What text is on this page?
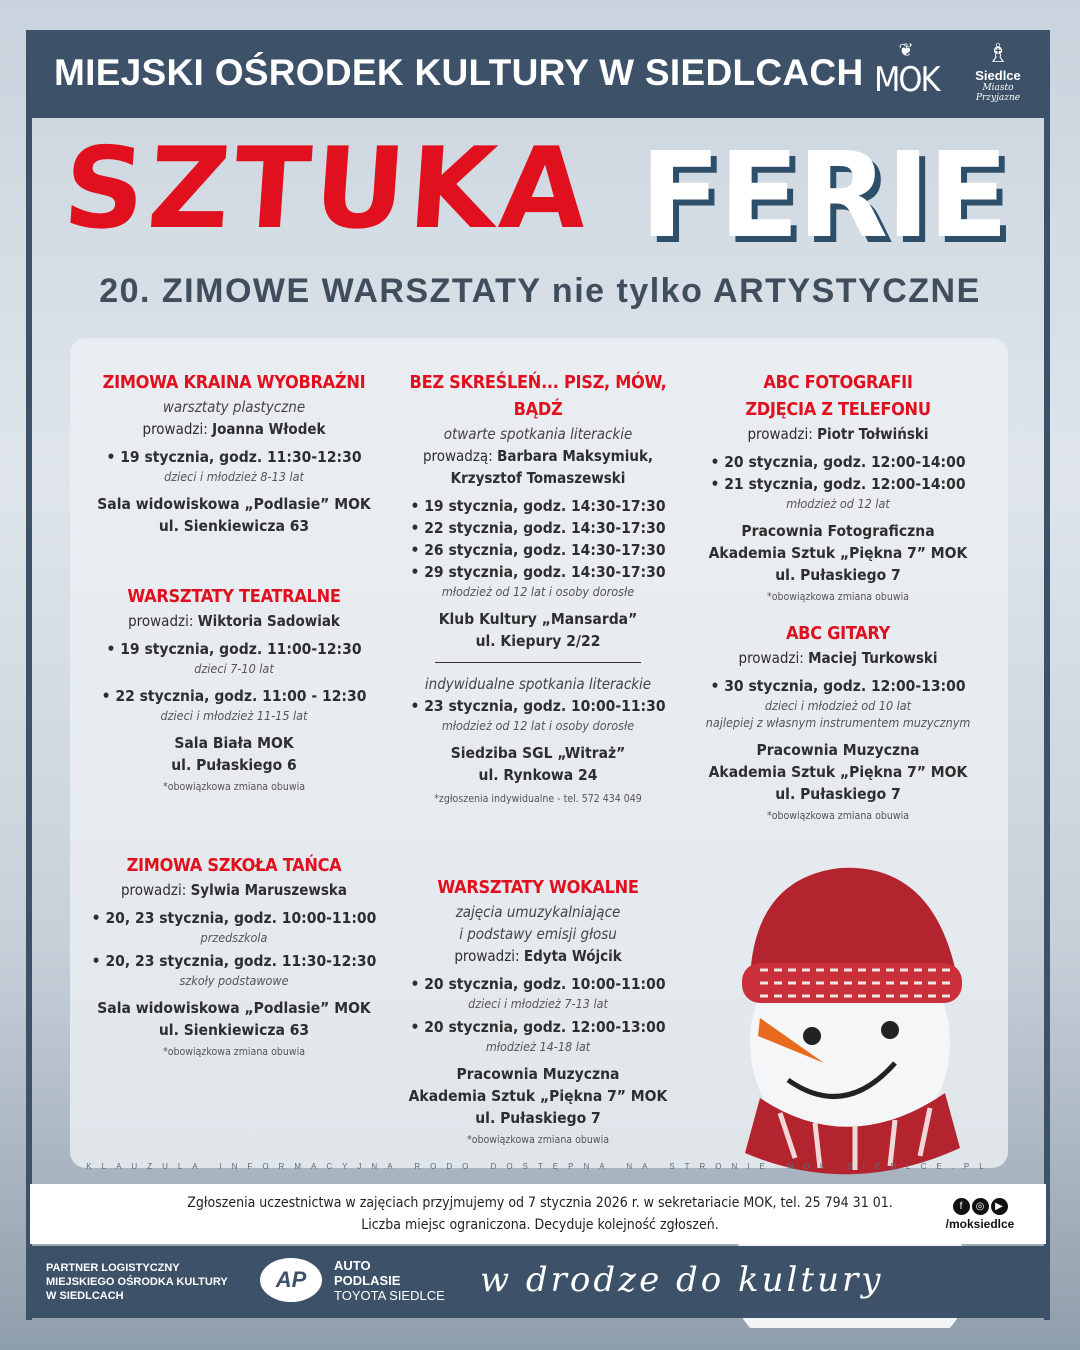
MIEJSKI OŚRODEK KULTURY W SIEDLCACH
❦
MOK
♗
Siedlce
Miasto Przyjazne
SZTUKA FERIE
20. ZIMOWE WARSZTATY nie tylko ARTYSTYCZNE
ZIMOWA KRAINA WYOBRAŹNI
warsztaty plastyczne
prowadzi: Joanna Włodek
• 19 stycznia, godz. 11:30-12:30
dzieci i młodzież 8-13 lat
Sala widowiskowa „Podlasie” MOK
ul. Sienkiewicza 63
WARSZTATY TEATRALNE
prowadzi: Wiktoria Sadowiak
• 19 stycznia, godz. 11:00-12:30
dzieci 7-10 lat
• 22 stycznia, godz. 11:00 - 12:30
dzieci i młodzież 11-15 lat
Sala Biała MOK
ul. Pułaskiego 6
*obowiązkowa zmiana obuwia
ZIMOWA SZKOŁA TAŃCA
prowadzi: Sylwia Maruszewska
• 20, 23 stycznia, godz. 10:00-11:00
przedszkola
• 20, 23 stycznia, godz. 11:30-12:30
szkoły podstawowe
Sala widowiskowa „Podlasie” MOK
ul. Sienkiewicza 63
*obowiązkowa zmiana obuwia
BEZ SKREŚLEŃ... PISZ, MÓW, BĄDŹ
otwarte spotkania literackie
prowadzą: Barbara Maksymiuk,
Krzysztof Tomaszewski
• 19 stycznia, godz. 14:30-17:30
• 22 stycznia, godz. 14:30-17:30
• 26 stycznia, godz. 14:30-17:30
• 29 stycznia, godz. 14:30-17:30
młodzież od 12 lat i osoby dorosłe
Klub Kultury „Mansarda”
ul. Kiepury 2/22
indywidualne spotkania literackie
• 23 stycznia, godz. 10:00-11:30
młodzież od 12 lat i osoby dorosłe
Siedziba SGL „Witraż”
ul. Rynkowa 24
*zgłoszenia indywidualne - tel. 572 434 049
WARSZTATY WOKALNE
zajęcia umuzykalniające
i podstawy emisji głosu
prowadzi: Edyta Wójcik
• 20 stycznia, godz. 10:00-11:00
dzieci i młodzież 7-13 lat
• 20 stycznia, godz. 12:00-13:00
młodzież 14-18 lat
Pracownia Muzyczna
Akademia Sztuk „Piękna 7” MOK
ul. Pułaskiego 7
*obowiązkowa zmiana obuwia
ABC FOTOGRAFII
ZDJĘCIA Z TELEFONU
prowadzi: Piotr Tołwiński
• 20 stycznia, godz. 12:00-14:00
• 21 stycznia, godz. 12:00-14:00
młodzież od 12 lat
Pracownia Fotograficzna
Akademia Sztuk „Piękna 7” MOK
ul. Pułaskiego 7
*obowiązkowa zmiana obuwia
ABC GITARY
prowadzi: Maciej Turkowski
• 30 stycznia, godz. 12:00-13:00
dzieci i młodzież od 10 lat
najlepiej z własnym instrumentem muzycznym
Pracownia Muzyczna
Akademia Sztuk „Piękna 7” MOK
ul. Pułaskiego 7
*obowiązkowa zmiana obuwia
KLAUZULA INFORMACYJNA RODO DOSTĘPNA NA STRONIE MOK.SIEDLCE.PL
Zgłoszenia uczestnictwa w zajęciach przyjmujemy od 7 stycznia 2026 r. w sekretariacie MOK, tel. 25 794 31 01.
Liczba miejsc ograniczona. Decyduje kolejność zgłoszeń.
f ◎ ▶
/moksiedlce
PARTNER LOGISTYCZNY
MIEJSKIEGO OŚRODKA KULTURY
W SIEDLCACH
AP
AUTO
PODLASIE
TOYOTA SIEDLCE w drodze do kultury
